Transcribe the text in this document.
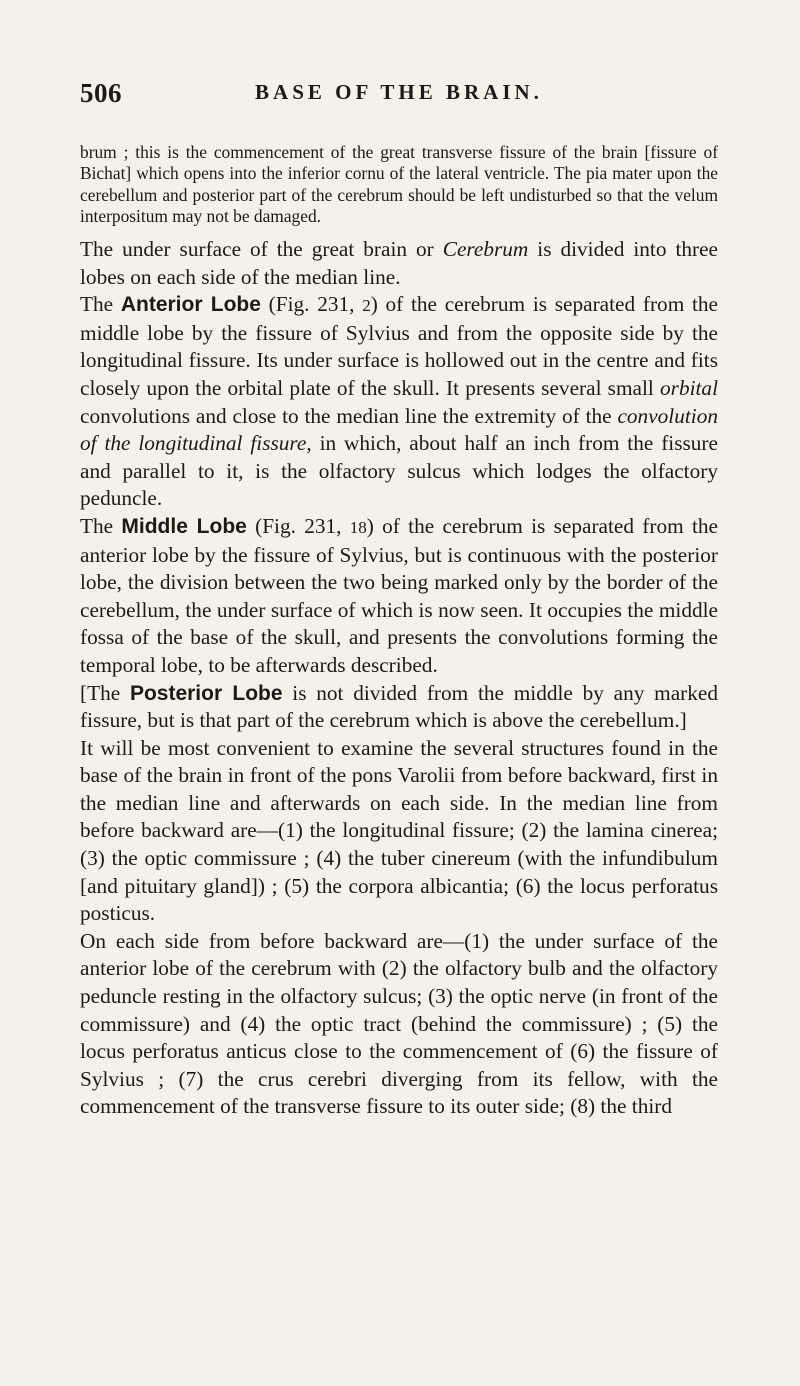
506	BASE OF THE BRAIN.
brum ; this is the commencement of the great transverse fissure of the brain [fissure of Bichat] which opens into the inferior cornu of the lateral ventricle. The pia mater upon the cerebellum and posterior part of the cerebrum should be left undisturbed so that the velum interpositum may not be damaged.

The under surface of the great brain or Cerebrum is divided into three lobes on each side of the median line.

The Anterior Lobe (Fig. 231, 2) of the cerebrum is separated from the middle lobe by the fissure of Sylvius and from the opposite side by the longitudinal fissure. Its under surface is hollowed out in the centre and fits closely upon the orbital plate of the skull. It presents several small orbital convolutions and close to the median line the extremity of the convolution of the longitudinal fissure, in which, about half an inch from the fissure and parallel to it, is the olfactory sulcus which lodges the olfactory peduncle.

The Middle Lobe (Fig. 231, 18) of the cerebrum is separated from the anterior lobe by the fissure of Sylvius, but is continuous with the posterior lobe, the division between the two being marked only by the border of the cerebellum, the under surface of which is now seen. It occupies the middle fossa of the base of the skull, and presents the convolutions forming the temporal lobe, to be afterwards described.

[The Posterior Lobe is not divided from the middle by any marked fissure, but is that part of the cerebrum which is above the cerebellum.]

It will be most convenient to examine the several structures found in the base of the brain in front of the pons Varolii from before backward, first in the median line and afterwards on each side. In the median line from before backward are—(1) the longitudinal fissure; (2) the lamina cinerea; (3) the optic commissure ; (4) the tuber cinereum (with the infundibulum [and pituitary gland]) ; (5) the corpora albicantia; (6) the locus perforatus posticus.

On each side from before backward are—(1) the under surface of the anterior lobe of the cerebrum with (2) the olfactory bulb and the olfactory peduncle resting in the olfactory sulcus; (3) the optic nerve (in front of the commissure) and (4) the optic tract (behind the commissure) ; (5) the locus perforatus anticus close to the commencement of (6) the fissure of Sylvius ; (7) the crus cerebri diverging from its fellow, with the commencement of the transverse fissure to its outer side; (8) the third
